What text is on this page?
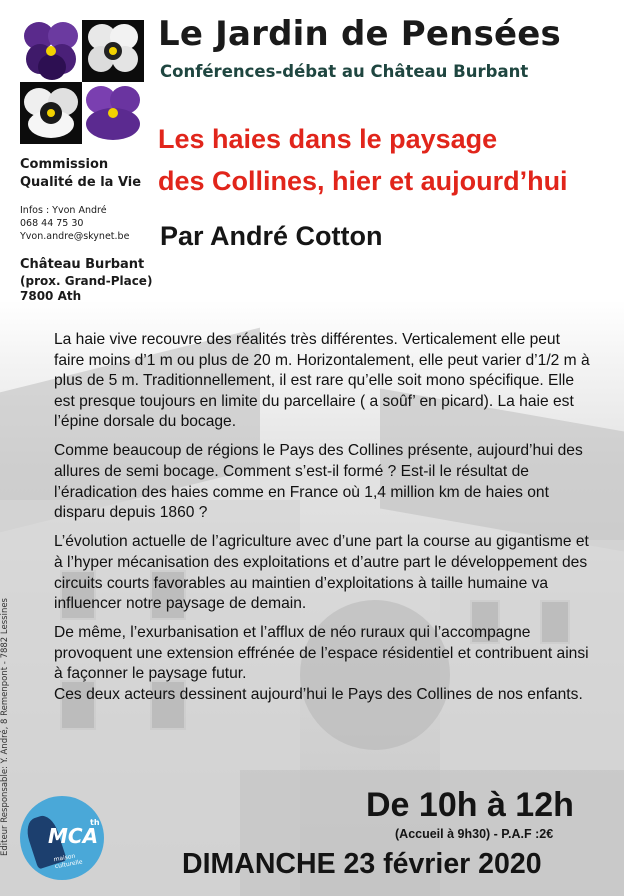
Le Jardin de Pensées
Conférences-débat au Château Burbant
Les haies dans le paysage
des Collines, hier et aujourd’hui
Par André Cotton
Commission
Qualité de la Vie
Infos : Yvon André
068 44 75 30
Yvon.andre@skynet.be
Château Burbant
(prox. Grand-Place)
7800 Ath

La haie vive recouvre des réalités très différentes. Verticalement elle peut faire moins d’1 m ou plus de 20 m. Horizontalement, elle peut varier d’1/2 m à plus de 5 m. Traditionnellement, il est rare qu’elle soit mono spécifique. Elle est presque toujours en limite du parcellaire ( a soûf’ en picard). La haie est l’épine dorsale du bocage.

Comme beaucoup de régions le Pays des Collines présente, aujourd’hui des allures de semi bocage. Comment s’est-il formé ? Est-il le résultat de l’éradication des haies comme en France où 1,4 million km de haies ont disparu depuis 1860 ?

L’évolution actuelle de l’agriculture avec d’une part la course au gigantisme et à l’hyper mécanisation des exploitations et d’autre part le développement des circuits courts favorables au maintien d’exploitations à taille humaine va influencer notre paysage de demain.

De même, l’exurbanisation et l’afflux de néo ruraux qui l’accompagne provoquent une extension effrénée de l’espace résidentiel et contribuent ainsi à façonner le paysage futur.

Ces deux acteurs dessinent aujourd’hui le Pays des Collines de nos enfants.

Éditeur Responsable: Y. André, 8 Remenpont - 7882 Lessines MCA
th
maison culturelle
De 10h à 12h
(Accueil à 9h30) - P.A.F :2€
DIMANCHE 23 février 2020
